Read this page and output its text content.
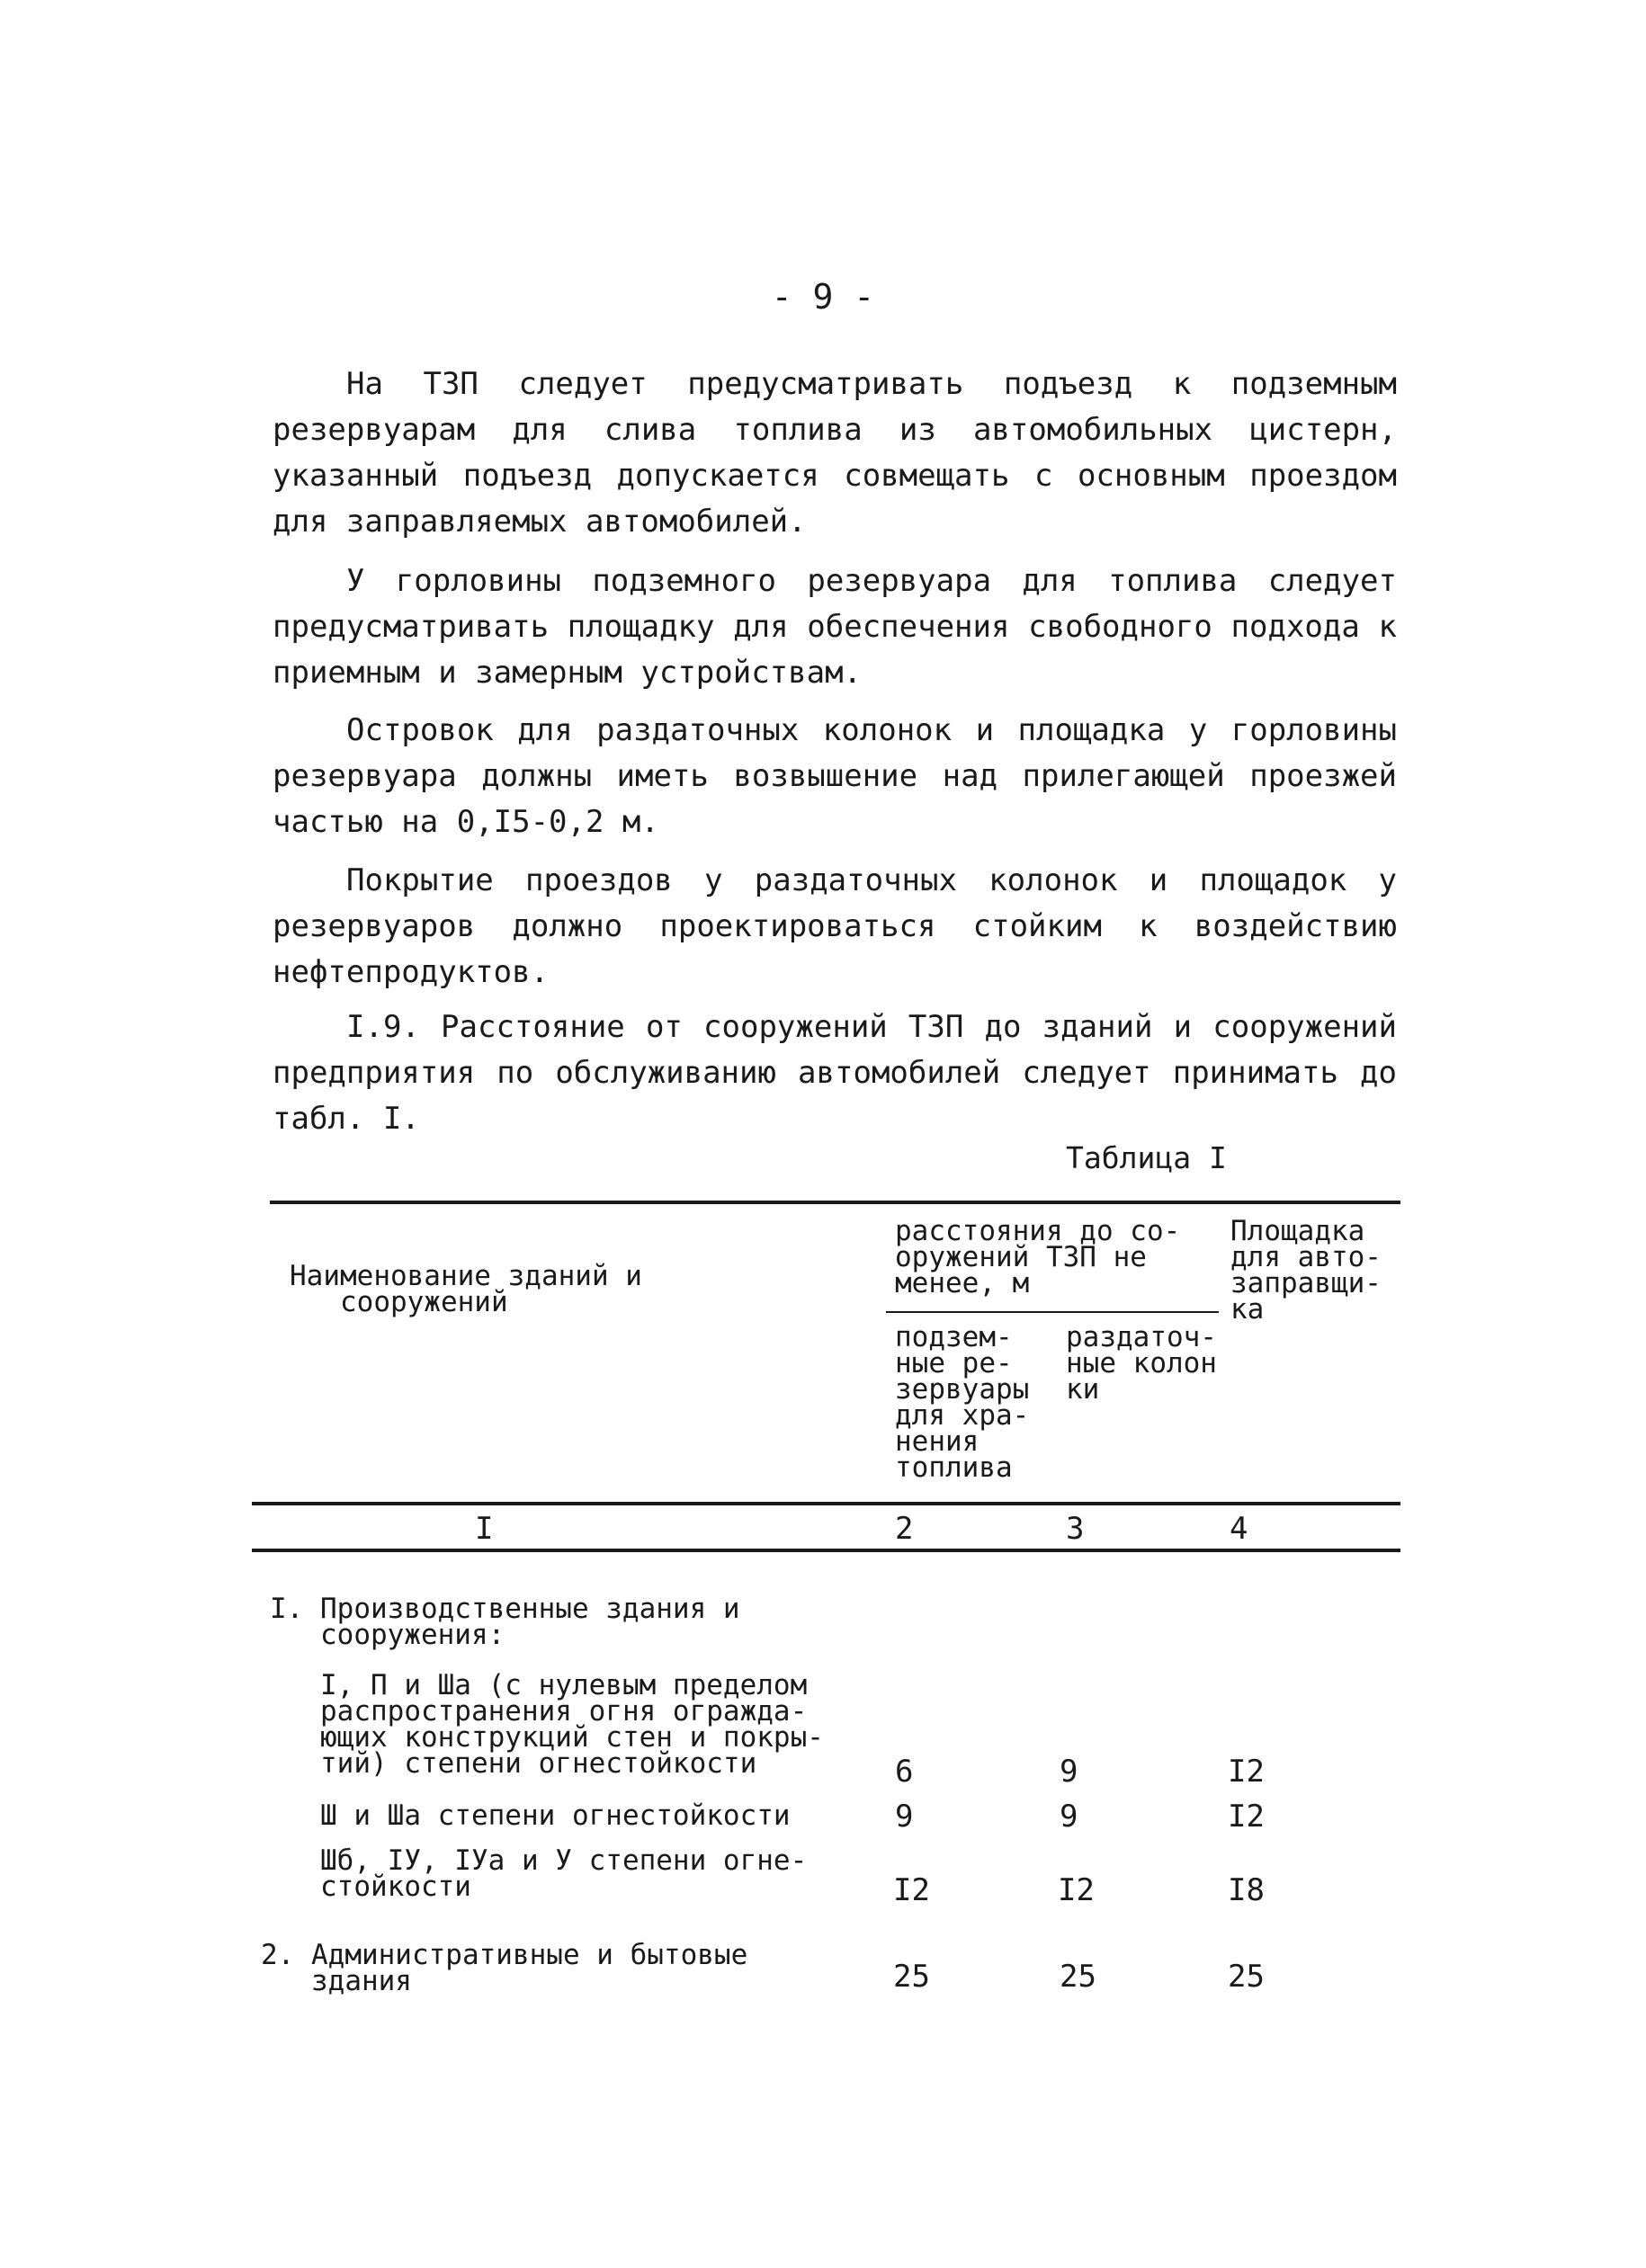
- 9 -

На ТЗП следует предусматривать подъезд к подземным резервуарам для слива топлива из автомобильных цистерн, указанный подъезд допускается совмещать с основным проездом для заправляемых автомобилей.

У горловины подземного резервуара для топлива следует предусматривать площадку для обеспечения свободного подхода к приемным и замерным устройствам.

Островок для раздаточных колонок и площадка у горловины резервуара должны иметь возвышение над прилегающей проезжей частью на 0,I5-0,2 м.

Покрытие проездов у раздаточных колонок и площадок у резервуаров должно проектироваться стойким к воздействию нефтепродуктов.

I.9. Расстояние от сооружений ТЗП до зданий и сооружений предприятия по обслуживанию автомобилей следует принимать до табл. I.

Таблица I
Наименование зданий и
сооружений
расстояния до со-
оружений ТЗП не
менее, м
подзем-
ные ре-
зервуары
для хра-
нения
топлива
раздаточ-
ные колон
ки
Площадка
для авто-
заправщи-
ка
I	2	3	4
I. Производственные здания и
сооружения:
I, П и Ша (с нулевым пределом
распространения огня огражда-
ющих конструкций стен и покры-
тий) степени огнестойкости	6	9	I2
Ш и Ша степени огнестойкости	9	9	I2
Шб, IУ, IУа и У степени огне-
стойкости	I2	I2	I8
2. Административные и бытовые
здания	25	25	25
